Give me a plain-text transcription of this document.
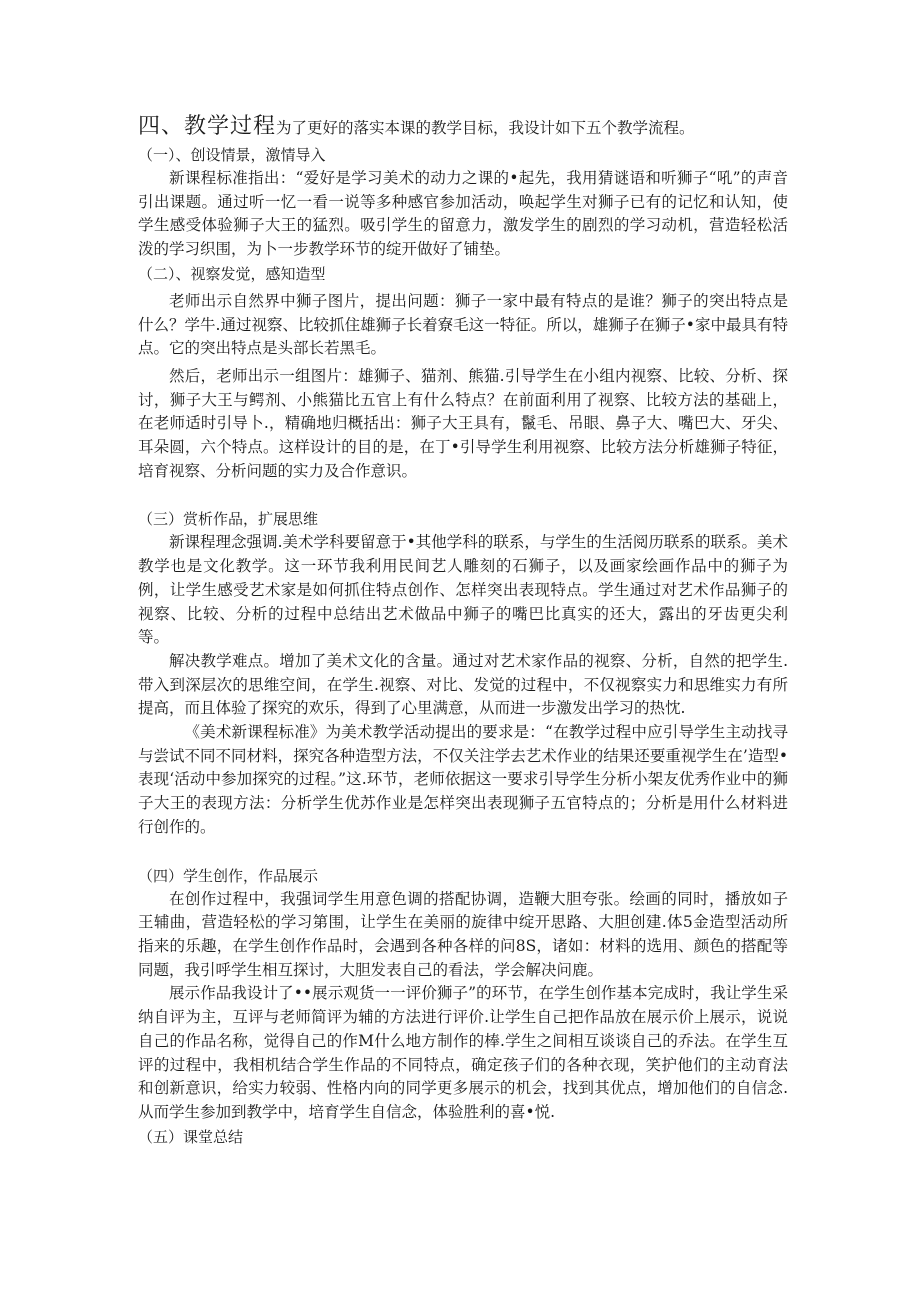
四、教学过程为了更好的落实本课的教学目标，我设计如下五个教学流程。

（一）、创设情景，激情导入

新课程标准指出：“爱好是学习美术的动力之课的•起先，我用猜谜语和听狮子“吼”的声音引出课题。通过听一忆一看一说等多种感官参加活动，唤起学生对狮子已有的记忆和认知，使学生感受体验狮子大王的猛烈。吸引学生的留意力，激发学生的剧烈的学习动机，营造轻松活泼的学习织围，为卜一步教学环节的绽开做好了铺垫。

（二）、视察发觉，感知造型

老师出示自然界中狮子图片，提出问题：狮子一家中最有特点的是谁？狮子的突出特点是什么？学牛.通过视察、比较抓住雄狮子长着寮毛这一特征。所以，雄狮子在狮子•家中最具有特点。它的突出特点是头部长若黑毛。

然后，老师出示一组图片：雄狮子、猫剂、熊猫.引导学生在小组内视察、比较、分析、探讨，狮子大王与鳄剂、小熊猫比五官上有什么特点？在前面利用了视察、比较方法的基础上，在老师适时引导卜.，精确地归概括出：狮子大王具有，鬣毛、吊眼、鼻子大、嘴巴大、牙尖、耳朵圆，六个特点。这样设计的目的是，在丁•引导学生利用视察、比较方法分析雄狮子特征，培育视察、分析问题的实力及合作意识。

（三）赏析作品，扩展思维

新课程理念强调.美术学科要留意于•其他学科的联系，与学生的生活阅历联系的联系。美术教学也是文化教学。这一环节我利用民间艺人雕刻的石狮子，以及画家绘画作品中的狮子为例，让学生感受艺术家是如何抓住特点创作、怎样突出表现特点。学生通过对艺术作品狮子的视察、比较、分析的过程中总结出艺术做品中狮子的嘴巴比真实的还大，露出的牙齿更尖利等。

解决教学难点。增加了美术文化的含量。通过对艺术家作品的视察、分析，自然的把学生.带入到深层次的思维空间，在学生.视察、对比、发觉的过程中，不仅视察实力和思维实力有所提高，而且体验了探究的欢乐，得到了心里满意，从而进一步激发出学习的热忱.

《美术新课程标准》为美术教学活动提出的要求是：“在教学过程中应引导学生主动找寻与尝试不同不同材料，探究各种造型方法，不仅关注学去艺术作业的结果还要重视学生在’造型•表现‘活动中参加探究的过程。”这.环节，老师依据这一要求引导学生分析小架友优秀作业中的狮子大王的表现方法：分析学生优苏作业是怎样突出表现狮子五官特点的；分析是用什么材料进行创作的。

（四）学生创作，作品展示

在创作过程中，我强词学生用意色调的搭配协调，造鞭大胆夸张。绘画的同时，播放如子王辅曲，营造轻松的学习第围，让学生在美丽的旋律中绽开思路、大胆创建.体5金造型活动所指来的乐趣，在学生创作作品时，会遇到各种各样的问8S，诸如：材料的选用、颜色的搭配等同题，我引呼学生相互探讨，大胆发表自己的看法，学会解决问鹿。

展示作品我设计了••展示观货一一评价狮子”的环节，在学生创作基本完成时，我让学生采纳自评为主，互评与老师简评为辅的方法进行评价.让学生自己把作品放在展示价上展示，说说自己的作品名称，觉得自己的作M什么地方制作的棒.学生之间相互谈谈自己的乔法。在学生互评的过程中，我相机结合学生作品的不同特点，确定孩子们的各种衣现，笑护他们的主动育法和创新意识，给实力较弱、性格内向的同学更多展示的机会，找到其优点，增加他们的自信念.从而学生参加到教学中，培育学生自信念，体验胜利的喜•悦.

（五）课堂总结
